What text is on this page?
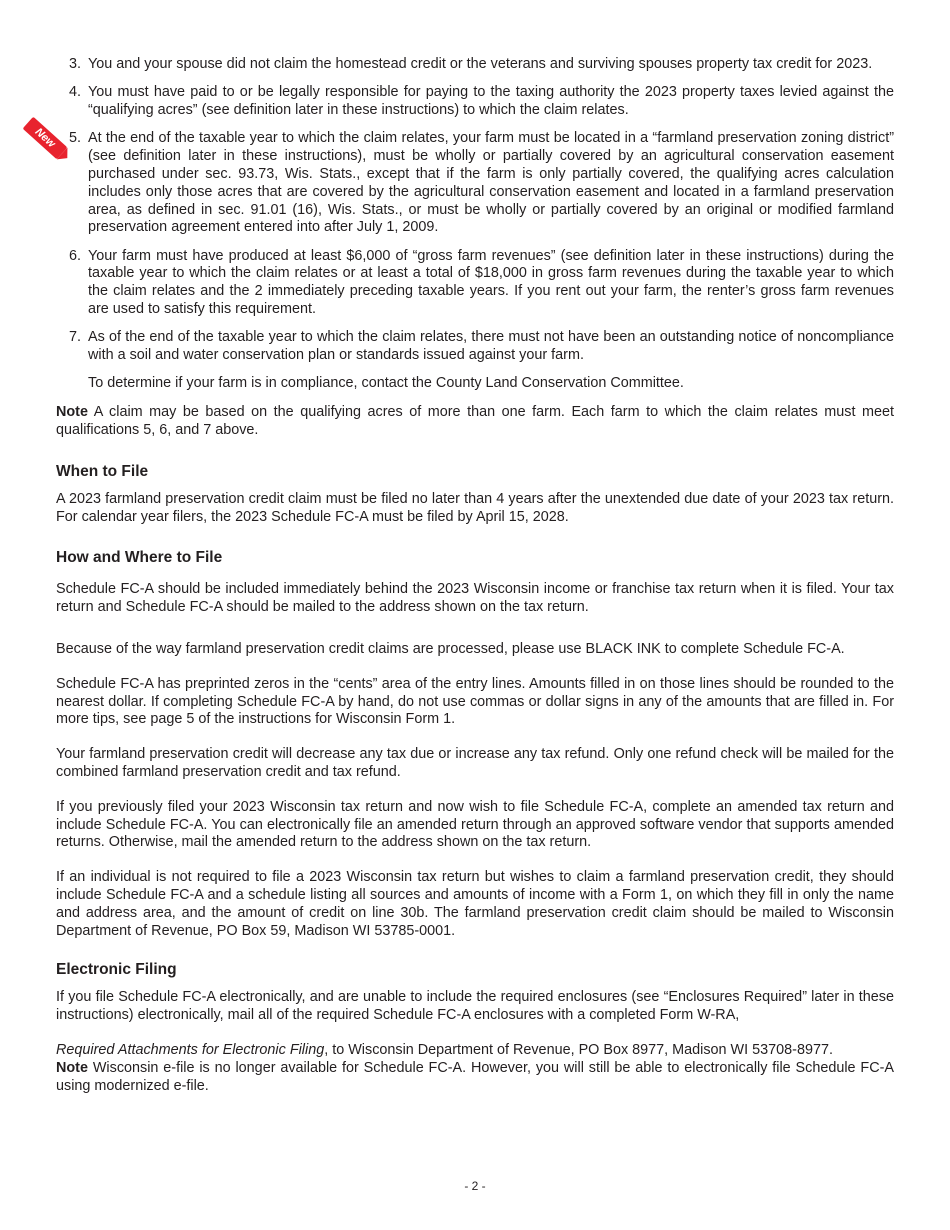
New
3. You and your spouse did not claim the homestead credit or the veterans and surviving spouses property tax credit for 2023.
4. You must have paid to or be legally responsible for paying to the taxing authority the 2023 property taxes levied against the “qualifying acres” (see definition later in these instructions) to which the claim relates.
5. At the end of the taxable year to which the claim relates, your farm must be located in a “farmland preservation zoning district” (see definition later in these instructions), must be wholly or partially covered by an agricultural conservation easement purchased under sec. 93.73, Wis. Stats., except that if the farm is only partially covered, the qualifying acres calculation includes only those acres that are covered by the agricultural conservation easement and located in a farmland preservation area, as defined in sec. 91.01 (16), Wis. Stats., or must be wholly or partially covered by an original or modified farmland preservation agreement entered into after July 1, 2009.
6. Your farm must have produced at least $6,000 of “gross farm revenues” (see definition later in these instructions) during the taxable year to which the claim relates or at least a total of $18,000 in gross farm revenues during the taxable year to which the claim relates and the 2 immediately preceding taxable years. If you rent out your farm, the renter’s gross farm revenues are used to satisfy this requirement.
7. As of the end of the taxable year to which the claim relates, there must not have been an outstanding notice of noncompliance with a soil and water conservation plan or standards issued against your farm.

To determine if your farm is in compliance, contact the County Land Conservation Committee.

Note A claim may be based on the qualifying acres of more than one farm. Each farm to which the claim relates must meet qualifications 5, 6, and 7 above.

When to File

A 2023 farmland preservation credit claim must be filed no later than 4 years after the unextended due date of your 2023 tax return. For calendar year filers, the 2023 Schedule FC-A must be filed by April 15, 2028.

How and Where to File

Schedule FC-A should be included immediately behind the 2023 Wisconsin income or franchise tax return when it is filed. Your tax return and Schedule FC-A should be mailed to the address shown on the tax return.

Because of the way farmland preservation credit claims are processed, please use BLACK INK to complete Schedule FC-A.

Schedule FC-A has preprinted zeros in the “cents” area of the entry lines. Amounts filled in on those lines should be rounded to the nearest dollar. If completing Schedule FC-A by hand, do not use commas or dollar signs in any of the amounts that are filled in. For more tips, see page 5 of the instructions for Wisconsin Form 1.

Your farmland preservation credit will decrease any tax due or increase any tax refund. Only one refund check will be mailed for the combined farmland preservation credit and tax refund.

If you previously filed your 2023 Wisconsin tax return and now wish to file Schedule FC-A, complete an amended tax return and include Schedule FC-A. You can electronically file an amended return through an approved software vendor that supports amended returns. Otherwise, mail the amended return to the address shown on the tax return.

If an individual is not required to file a 2023 Wisconsin tax return but wishes to claim a farmland preservation credit, they should include Schedule FC-A and a schedule listing all sources and amounts of income with a Form 1, on which they fill in only the name and address area, and the amount of credit on line 30b. The farmland preservation credit claim should be mailed to Wisconsin Department of Revenue, PO Box 59, Madison WI 53785-0001.

Electronic Filing

If you file Schedule FC-A electronically, and are unable to include the required enclosures (see “Enclosures Required” later in these instructions) electronically, mail all of the required Schedule FC-A enclosures with a completed Form W-RA,

Required Attachments for Electronic Filing, to Wisconsin Department of Revenue, PO Box 8977, Madison WI 53708-8977.

Note Wisconsin e-file is no longer available for Schedule FC-A. However, you will still be able to electronically file Schedule FC-A using modernized e-file.

- 2 -
